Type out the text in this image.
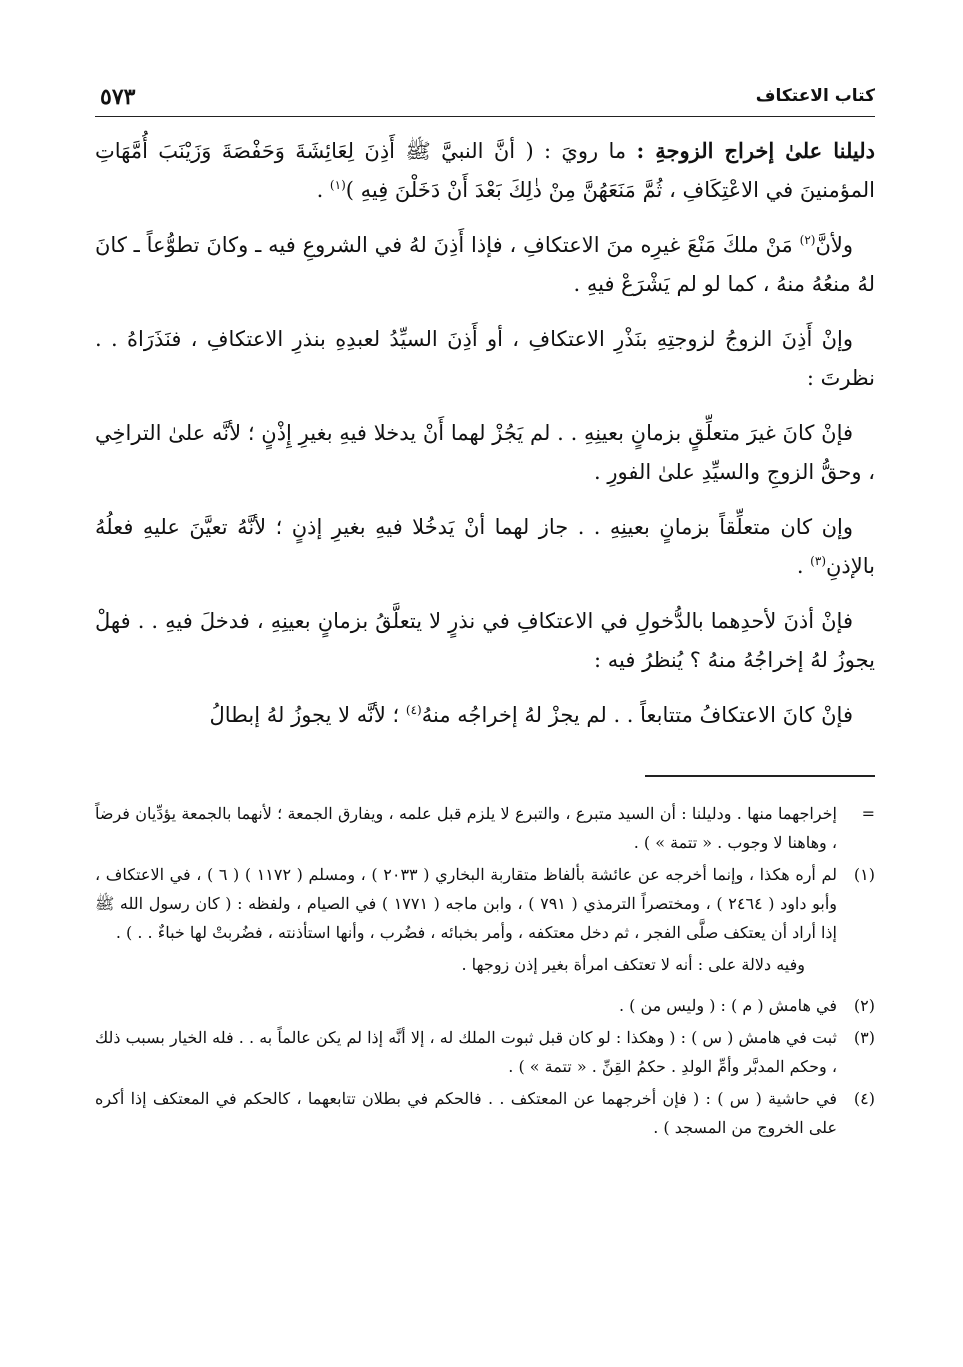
كتاب الاعتكاف
٥٧٣

دليلنا علىٰ إخراج الزوجةِ : ما رويَ : ( أنَّ النبيَّ ﷺ أَذِنَ لِعَائِشَةَ وَحَفْصَةَ وَزَيْنَبَ أُمَّهَاتِ المؤمنينَ في الاعْتِكَافِ ، ثُمَّ مَنَعَهُنَّ مِنْ ذٰلِكَ بَعْدَ أَنْ دَخَلْنَ فِيهِ )$^{(١)}$ .

ولأنَّ$^{(٢)}$ مَنْ ملكَ مَنْعَ غيرِه منَ الاعتكافِ ، فإذا أَذِنَ لهُ في الشروعِ فيه ـ وكانَ تطوُّعاً ـ كانَ لهُ منعُهُ منهُ ، كما لو لم يَشْرَعْ فيهِ .

وإنْ أَذِنَ الزوجُ لزوجتِهِ بنَذْرِ الاعتكافِ ، أو أَذِنَ السيِّدُ لعبدِهِ بنذرِ الاعتكافِ ، فنَذَرَاهُ . . نظرتَ :

فإنْ كانَ غيرَ متعلِّقٍ بزمانٍ بعينِهِ . . لم يَجُزْ لهما أَنْ يدخلا فيهِ بغيرِ إِذْنٍ ؛ لأنَّه علىٰ التراخِي ، وحقُّ الزوجِ والسيِّدِ علىٰ الفورِ .

وإن كان متعلِّقاً بزمانٍ بعينِهِ . . جاز لهما أنْ يَدخُلا فيهِ بغيرِ إذنٍ ؛ لأنَّهُ تعيَّنَ عليهِ فعلُهُ بالإذنِ$^{(٣)}$ .

فإنْ أذنَ لأحدِهما بالدُّخولِ في الاعتكافِ في نذرٍ لا يتعلَّقُ بزمانٍ بعينِهِ ، فدخلَ فيهِ . . فهلْ يجوزُ لهُ إخراجُهُ منهُ ؟ يُنظرُ فيه :

فإنْ كانَ الاعتكافُ متتابعاً . . لم يجزْ لهُ إخراجُه منهُ$^{(٤)}$ ؛ لأنَّه لا يجوزُ لهُ إبطالُ

=
إخراجهما منها . ودليلنا : أن السيد متبرع ، والتبرع لا يلزم قبل علمه ، ويفارق الجمعة ؛ لأنهما بالجمعة يؤدِّيان فرضاً ، وهاهنا لا وجوب . « تتمة » ) .
(١)
لم أره هكذا ، وإنما أخرجه عن عائشة بألفاظ متقاربة البخاري ( ٢٠٣٣ ) ، ومسلم ( ١١٧٢ ) ( ٦ ) ، في الاعتكاف ، وأبو داود ( ٢٤٦٤ ) ، ومختصراً الترمذي ( ٧٩١ ) ، وابن ماجه ( ١٧٧١ ) في الصيام ، ولفظه : ( كان رسول الله ﷺ إذا أراد أن يعتكف صلَّى الفجر ، ثم دخل معتكفه ، وأمر بخبائه ، فضُرب ، وأنها استأذنته ، فضُربتْ لها خباءٌ . . ) .
وفيه دلالة على : أنه لا تعتكف امرأة بغير إذن زوجها .
(٢)
في هامش ( م ) : ( وليس من ) .
(٣)
ثبت في هامش ( س ) : ( وهكذا : لو كان قبل ثبوت الملك له ، إلا أنَّه إذا لم يكن عالماً به . . فله الخيار بسبب ذلك ، وحكم المدبَّر وأمِّ الولدِ . حكمُ القِنِّ . « تتمة » ) .
(٤)
في حاشية ( س ) : ( فإن أخرجهما عن المعتكف . . فالحكم في بطلان تتابعهما ، كالحكم في المعتكف إذا أكره على الخروج من المسجد ) .
